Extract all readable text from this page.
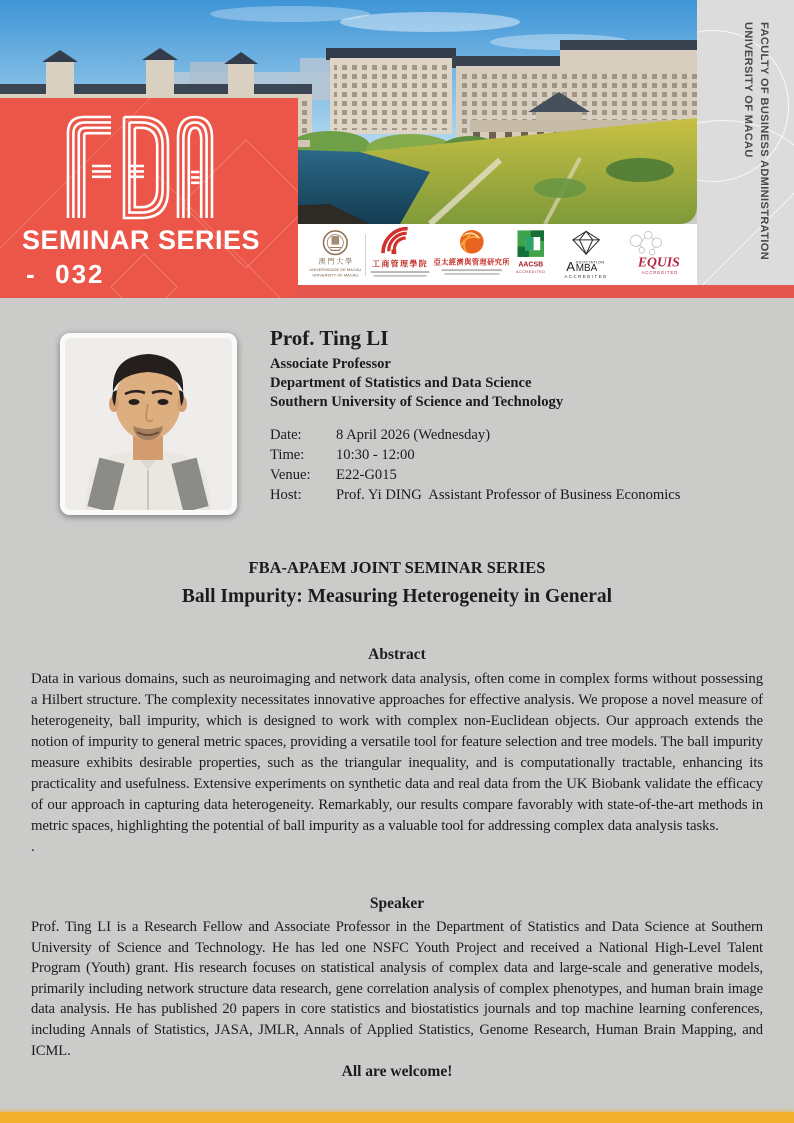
UNIVERSITY OF MACAU FACULTY OF BUSINESS ADMINISTRATION
澳 門 大 學
UNIVERSIDADE DE MACAU
UNIVERSITY OF MACAU
工商管理學院 亞太經濟與管理研究所 AACSB
ACCREDITED A SSOCIATION
MBA
ACCREDITED
EQUIS
ACCREDITED
SEMINAR SERIES
-  032
Prof. Ting LI
Associate Professor
Department of Statistics and Data Science
Southern University of Science and Technology
Date:	8 April 2026 (Wednesday)
Time:	10:30 - 12:00
Venue:	E22-G015
Host:	Prof. Yi DING  Assistant Professor of Business Economics
FBA-APAEM JOINT SEMINAR SERIES
Ball Impurity: Measuring Heterogeneity in General
Abstract
Data in various domains, such as neuroimaging and network data analysis, often come in complex forms without possessing a Hilbert structure. The complexity necessitates innovative approaches for effective analysis. We propose a novel measure of heterogeneity, ball impurity, which is designed to work with complex non-Euclidean objects. Our approach extends the notion of impurity to general metric spaces, providing a versatile tool for feature selection and tree models. The ball impurity measure exhibits desirable properties, such as the triangular inequality, and is computationally tractable, enhancing its practicality and usefulness. Extensive experiments on synthetic data and real data from the UK Biobank validate the efficacy of our approach in capturing data heterogeneity. Remarkably, our results compare favorably with state-of-the-art methods in metric spaces, highlighting the potential of ball impurity as a valuable tool for addressing complex data analysis tasks.
.
Speaker
Prof. Ting LI is a Research Fellow and Associate Professor in the Department of Statistics and Data Science at Southern University of Science and Technology. He has led one NSFC Youth Project and received a National High-Level Talent Program (Youth) grant. His research focuses on statistical analysis of complex data and large-scale and generative models, primarily including network structure data research, gene correlation analysis of complex phenotypes, and human brain image data analysis. He has published 20 papers in core statistics and biostatistics journals and top machine learning conferences, including Annals of Statistics, JASA, JMLR, Annals of Applied Statistics, Genome Research, Human Brain Mapping, and ICML.
All are welcome!
